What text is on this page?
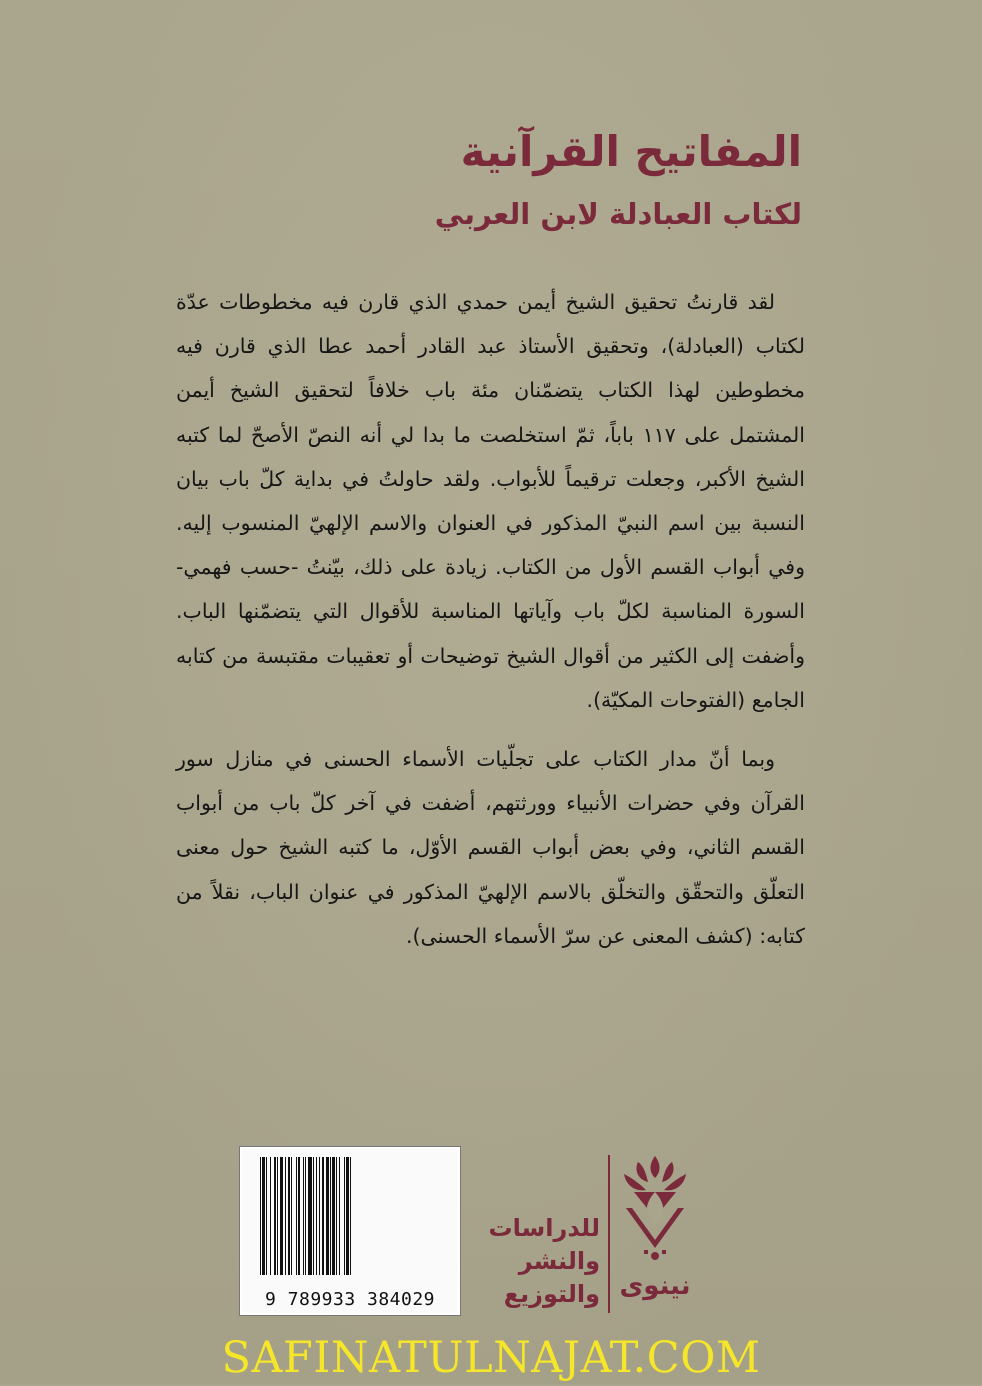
المفاتيح القرآنية
لكتاب العبادلة لابن العربي

لقد قارنتُ تحقيق الشيخ أيمن حمدي الذي قارن فيه مخطوطات عدّة لكتاب (العبادلة)، وتحقيق الأستاذ عبد القادر أحمد عطا الذي قارن فيه مخطوطين لهذا الكتاب يتضمّنان مئة باب خلافاً لتحقيق الشيخ أيمن المشتمل على ١١٧ باباً، ثمّ استخلصت ما بدا لي أنه النصّ الأصحّ لما كتبه الشيخ الأكبر، وجعلت ترقيماً للأبواب. ولقد حاولتُ في بداية كلّ باب بيان النسبة بين اسم النبيّ المذكور في العنوان والاسم الإلهيّ المنسوب إليه. وفي أبواب القسم الأول من الكتاب. زيادة على ذلك، بيّنتُ -حسب فهمي- السورة المناسبة لكلّ باب وآياتها المناسبة للأقوال التي يتضمّنها الباب. وأضفت إلى الكثير من أقوال الشيخ توضيحات أو تعقيبات مقتبسة من كتابه الجامع (الفتوحات المكيّة).

وبما أنّ مدار الكتاب على تجلّيات الأسماء الحسنى في منازل سور القرآن وفي حضرات الأنبياء وورثتهم، أضفت في آخر كلّ باب من أبواب القسم الثاني، وفي بعض أبواب القسم الأوّل، ما كتبه الشيخ حول معنى التعلّق والتحقّق والتخلّق بالاسم الإلهيّ المذكور في عنوان الباب، نقلاً من كتابه: (كشف المعنى عن سرّ الأسماء الحسنى).

9 789933 384029
للدراسات
والنشر
والتوزيع نينوى
SAFINATULNAJAT.COM
